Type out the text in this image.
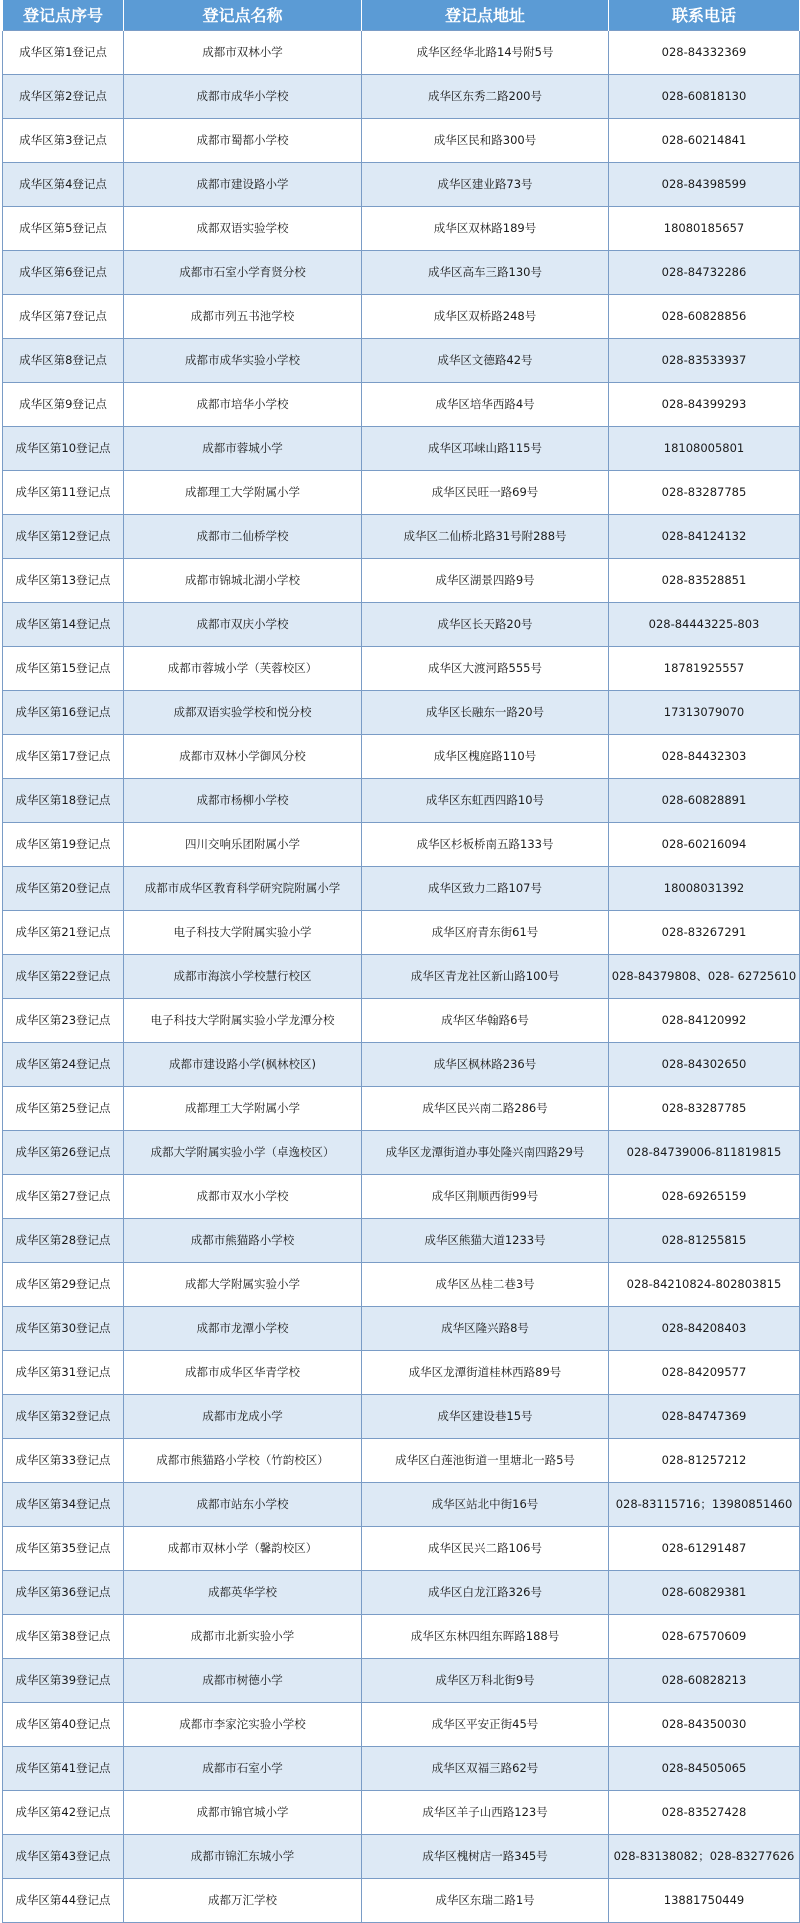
登记点序号	登记点名称	登记点地址	联系电话
成华区第1登记点	成都市双林小学	成华区经华北路14号附5号	028-84332369
成华区第2登记点	成都市成华小学校	成华区东秀二路200号	028-60818130
成华区第3登记点	成都市蜀都小学校	成华区民和路300号	028-60214841
成华区第4登记点	成都市建设路小学	成华区建业路73号	028-84398599
成华区第5登记点	成都双语实验学校	成华区双林路189号	18080185657
成华区第6登记点	成都市石室小学育贤分校	成华区高车三路130号	028-84732286
成华区第7登记点	成都市列五书池学校	成华区双桥路248号	028-60828856
成华区第8登记点	成都市成华实验小学校	成华区文德路42号	028-83533937
成华区第9登记点	成都市培华小学校	成华区培华西路4号	028-84399293
成华区第10登记点	成都市蓉城小学	成华区邛崃山路115号	18108005801
成华区第11登记点	成都理工大学附属小学	成华区民旺一路69号	028-83287785
成华区第12登记点	成都市二仙桥学校	成华区二仙桥北路31号附288号	028-84124132
成华区第13登记点	成都市锦城北湖小学校	成华区湖景四路9号	028-83528851
成华区第14登记点	成都市双庆小学校	成华区长天路20号	028-84443225-803
成华区第15登记点	成都市蓉城小学（芙蓉校区）	成华区大渡河路555号	18781925557
成华区第16登记点	成都双语实验学校和悦分校	成华区长融东一路20号	17313079070
成华区第17登记点	成都市双林小学御风分校	成华区槐庭路110号	028-84432303
成华区第18登记点	成都市杨柳小学校	成华区东虹西四路10号	028-60828891
成华区第19登记点	四川交响乐团附属小学	成华区杉板桥南五路133号	028-60216094
成华区第20登记点	成都市成华区教育科学研究院附属小学	成华区致力二路107号	18008031392
成华区第21登记点	电子科技大学附属实验小学	成华区府青东街61号	028-83267291
成华区第22登记点	成都市海滨小学校慧行校区	成华区青龙社区新山路100号	028-84379808、028- 62725610
成华区第23登记点	电子科技大学附属实验小学龙潭分校	成华区华翰路6号	028-84120992
成华区第24登记点	成都市建设路小学(枫林校区)	成华区枫林路236号	028-84302650
成华区第25登记点	成都理工大学附属小学	成华区民兴南二路286号	028-83287785
成华区第26登记点	成都大学附属实验小学（卓逸校区）	成华区龙潭街道办事处隆兴南四路29号	028-84739006-811819815
成华区第27登记点	成都市双水小学校	成华区荆顺西街99号	028-69265159
成华区第28登记点	成都市熊猫路小学校	成华区熊猫大道1233号	028-81255815
成华区第29登记点	成都大学附属实验小学	成华区丛桂二巷3号	028-84210824-802803815
成华区第30登记点	成都市龙潭小学校	成华区隆兴路8号	028-84208403
成华区第31登记点	成都市成华区华青学校	成华区龙潭街道桂林西路89号	028-84209577
成华区第32登记点	成都市龙成小学	成华区建设巷15号	028-84747369
成华区第33登记点	成都市熊猫路小学校（竹韵校区）	成华区白莲池街道一里塘北一路5号	028-81257212
成华区第34登记点	成都市站东小学校	成华区站北中街16号	028-83115716；13980851460
成华区第35登记点	成都市双林小学（馨韵校区）	成华区民兴二路106号	028-61291487
成华区第36登记点	成都英华学校	成华区白龙江路326号	028-60829381
成华区第38登记点	成都市北新实验小学	成华区东林四组东晖路188号	028-67570609
成华区第39登记点	成都市树德小学	成华区万科北街9号	028-60828213
成华区第40登记点	成都市李家沱实验小学校	成华区平安正街45号	028-84350030
成华区第41登记点	成都市石室小学	成华区双福三路62号	028-84505065
成华区第42登记点	成都市锦官城小学	成华区羊子山西路123号	028-83527428
成华区第43登记点	成都市锦汇东城小学	成华区槐树店一路345号	028-83138082；028-83277626
成华区第44登记点	成都万汇学校	成华区东瑞二路1号	13881750449
